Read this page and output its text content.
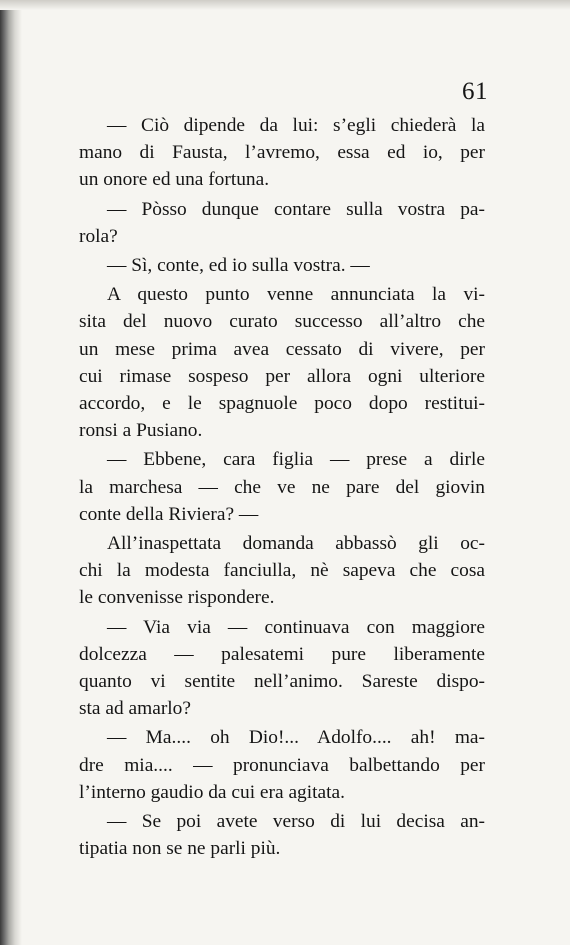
61
— Ciò dipende da lui: s’egli chiederà la
mano di Fausta, l’avremo, essa ed io, per
un onore ed una fortuna.
— Pòsso dunque contare sulla vostra pa-
rola?
— Sì, conte, ed io sulla vostra. —
A questo punto venne annunciata la vi-
sita del nuovo curato successo all’altro che
un mese prima avea cessato di vivere, per
cui rimase sospeso per allora ogni ulteriore
accordo, e le spagnuole poco dopo restitui-
ronsi a Pusiano.
— Ebbene, cara figlia — prese a dirle
la marchesa — che ve ne pare del giovin
conte della Riviera? —
All’inaspettata domanda abbassò gli oc-
chi la modesta fanciulla, nè sapeva che cosa
le convenisse rispondere.
— Via via — continuava con maggiore
dolcezza — palesatemi pure liberamente
quanto vi sentite nell’animo. Sareste dispo-
sta ad amarlo?
— Ma.... oh Dio!... Adolfo.... ah! ma-
dre mia.... — pronunciava balbettando per
l’interno gaudio da cui era agitata.
— Se poi avete verso di lui decisa an-
tipatia non se ne parli più.
